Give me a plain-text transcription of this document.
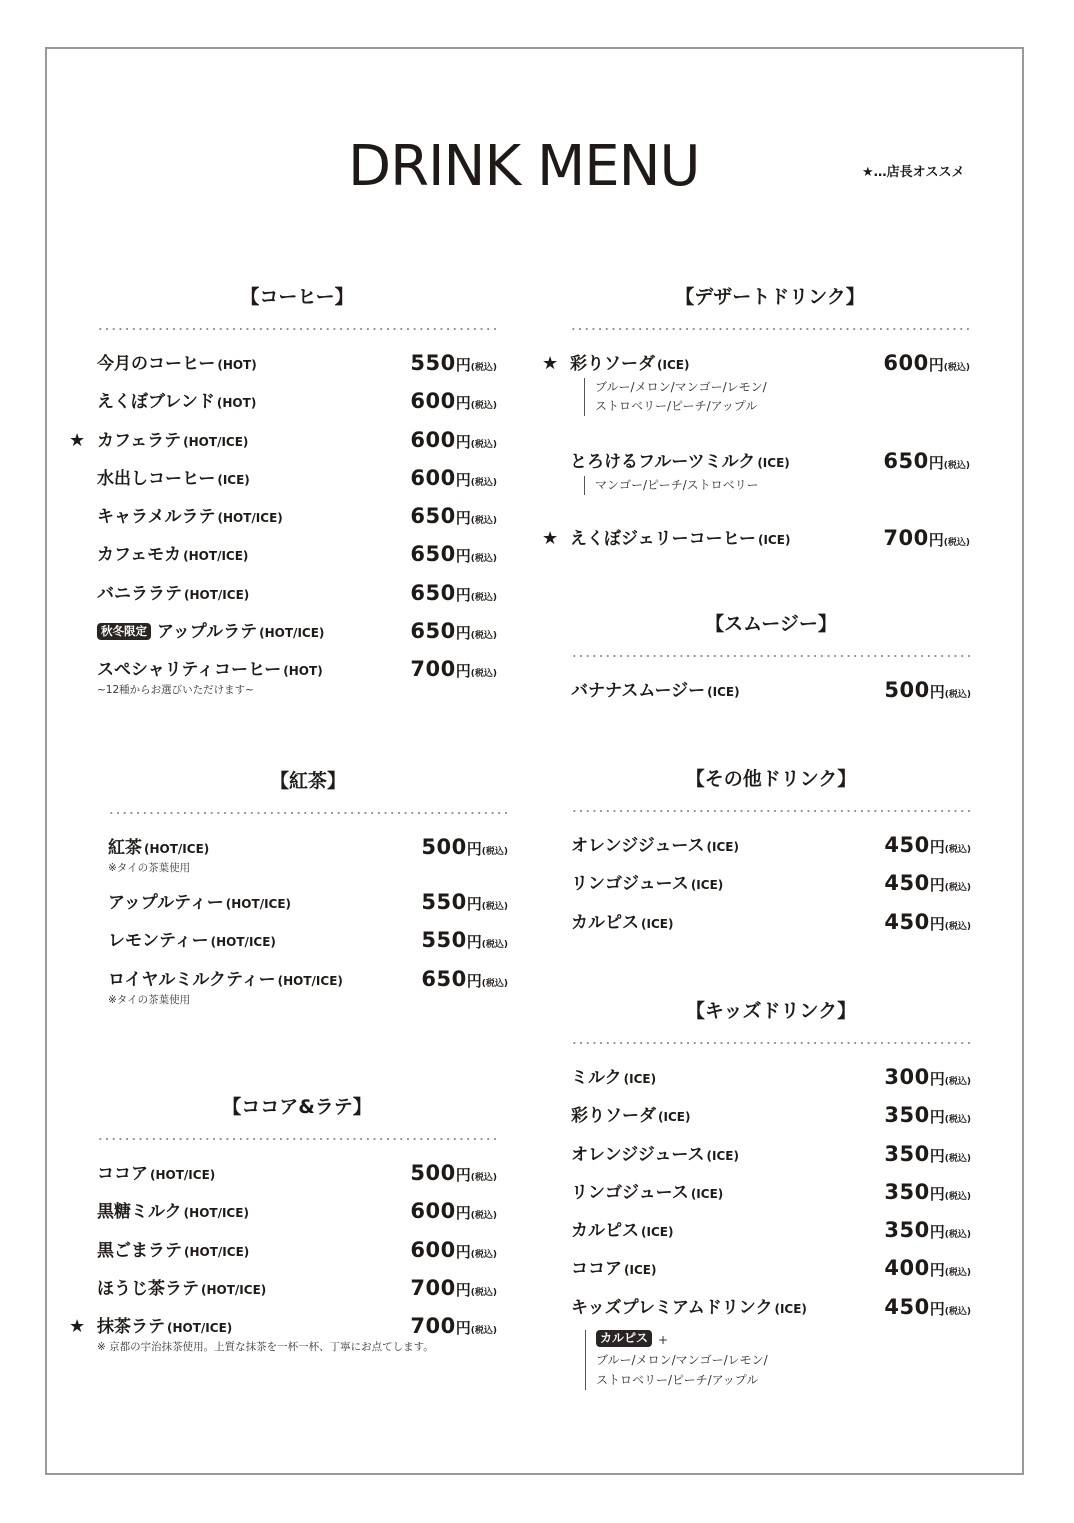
DRINK MENU	★…店長オススメ
【コーヒー】
今月のコーヒー (HOT)	550円(税込)
えくぼブレンド (HOT)	600円(税込)
★ カフェラテ (HOT/ICE)	600円(税込)
水出しコーヒー (ICE)	600円(税込)
キャラメルラテ (HOT/ICE)	650円(税込)
カフェモカ (HOT/ICE)	650円(税込)
バニララテ (HOT/ICE)	650円(税込)
秋冬限定 アップルラテ (HOT/ICE)	650円(税込)
スペシャリティコーヒー (HOT)	700円(税込)
~12種からお選びいただけます~
【紅茶】
紅茶 (HOT/ICE)	500円(税込)
※タイの茶葉使用
アップルティー (HOT/ICE)	550円(税込)
レモンティー (HOT/ICE)	550円(税込)
ロイヤルミルクティー (HOT/ICE)	650円(税込)
※タイの茶葉使用
【ココア&ラテ】
ココア (HOT/ICE)	500円(税込)
黒糖ミルク (HOT/ICE)	600円(税込)
黒ごまラテ (HOT/ICE)	600円(税込)
ほうじ茶ラテ (HOT/ICE)	700円(税込)
★ 抹茶ラテ (HOT/ICE)	700円(税込)
※ 京都の宇治抹茶使用。上質な抹茶を一杯一杯、丁寧にお点てします。
【デザートドリンク】
★ 彩りソーダ (ICE)	600円(税込)
ブルー/メロン/マンゴー/レモン/
ストロベリー/ピーチ/アップル
とろけるフルーツミルク (ICE)	650円(税込)
マンゴー/ピーチ/ストロベリー
★ えくぼジェリーコーヒー (ICE)	700円(税込)
【スムージー】
バナナスムージー (ICE)	500円(税込)
【その他ドリンク】
オレンジジュース (ICE)	450円(税込)
リンゴジュース (ICE)	450円(税込)
カルピス (ICE)	450円(税込)
【キッズドリンク】
ミルク (ICE)	300円(税込)
彩りソーダ (ICE)	350円(税込)
オレンジジュース (ICE)	350円(税込)
リンゴジュース (ICE)	350円(税込)
カルピス (ICE)	350円(税込)
ココア (ICE)	400円(税込)
キッズプレミアムドリンク (ICE)	450円(税込)
カルピス +
ブルー/メロン/マンゴー/レモン/
ストロベリー/ピーチ/アップル
